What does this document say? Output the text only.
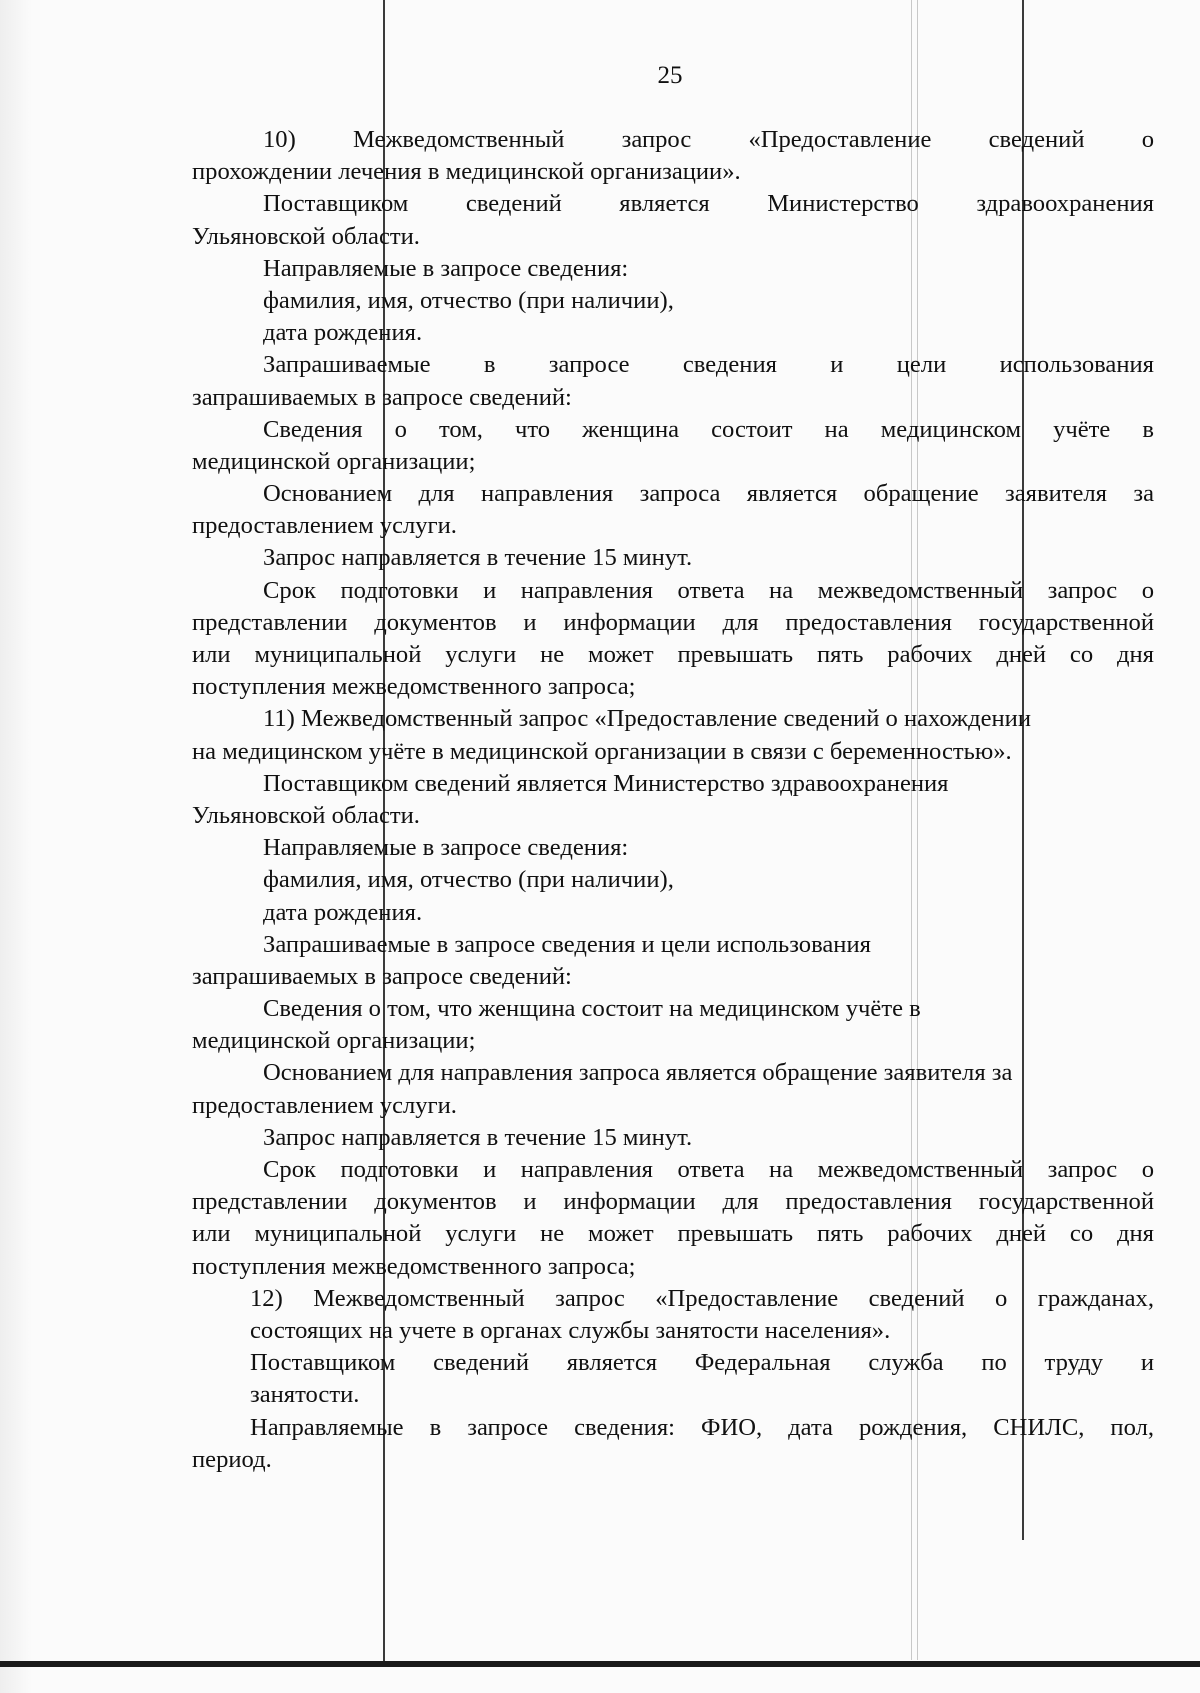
25
10) Межведомственный запрос «Предоставление сведений о
прохождении лечения в медицинской организации».
Поставщиком сведений является Министерство здравоохранения
Ульяновской области.
Направляемые в запросе сведения:
фамилия, имя, отчество (при наличии),
дата рождения.
Запрашиваемые в запросе сведения и цели использования
запрашиваемых в запросе сведений:
Сведения о том, что женщина состоит на медицинском учёте в
медицинской организации;
Основанием для направления запроса является обращение заявителя за
предоставлением услуги.
Запрос направляется в течение 15 минут.
Срок подготовки и направления ответа на межведомственный запрос о
представлении документов и информации для предоставления государственной
или муниципальной услуги не может превышать пять рабочих дней со дня
поступления межведомственного запроса;
11) Межведомственный запрос «Предоставление сведений о нахождении
на медицинском учёте в медицинской организации в связи с беременностью».
Поставщиком сведений является Министерство здравоохранения
Ульяновской области.
Направляемые в запросе сведения:
фамилия, имя, отчество (при наличии),
дата рождения.
Запрашиваемые в запросе сведения и цели использования
запрашиваемых в запросе сведений:
Сведения о том, что женщина состоит на медицинском учёте в
медицинской организации;
Основанием для направления запроса является обращение заявителя за
предоставлением услуги.
Запрос направляется в течение 15 минут.
Срок подготовки и направления ответа на межведомственный запрос о
представлении документов и информации для предоставления государственной
или муниципальной услуги не может превышать пять рабочих дней со дня
поступления межведомственного запроса;
12) Межведомственный запрос «Предоставление сведений о гражданах,
состоящих на учете в органах службы занятости населения».
Поставщиком сведений является Федеральная служба по труду и
занятости.
Направляемые в запросе сведения: ФИО, дата рождения, СНИЛС, пол,
период.
